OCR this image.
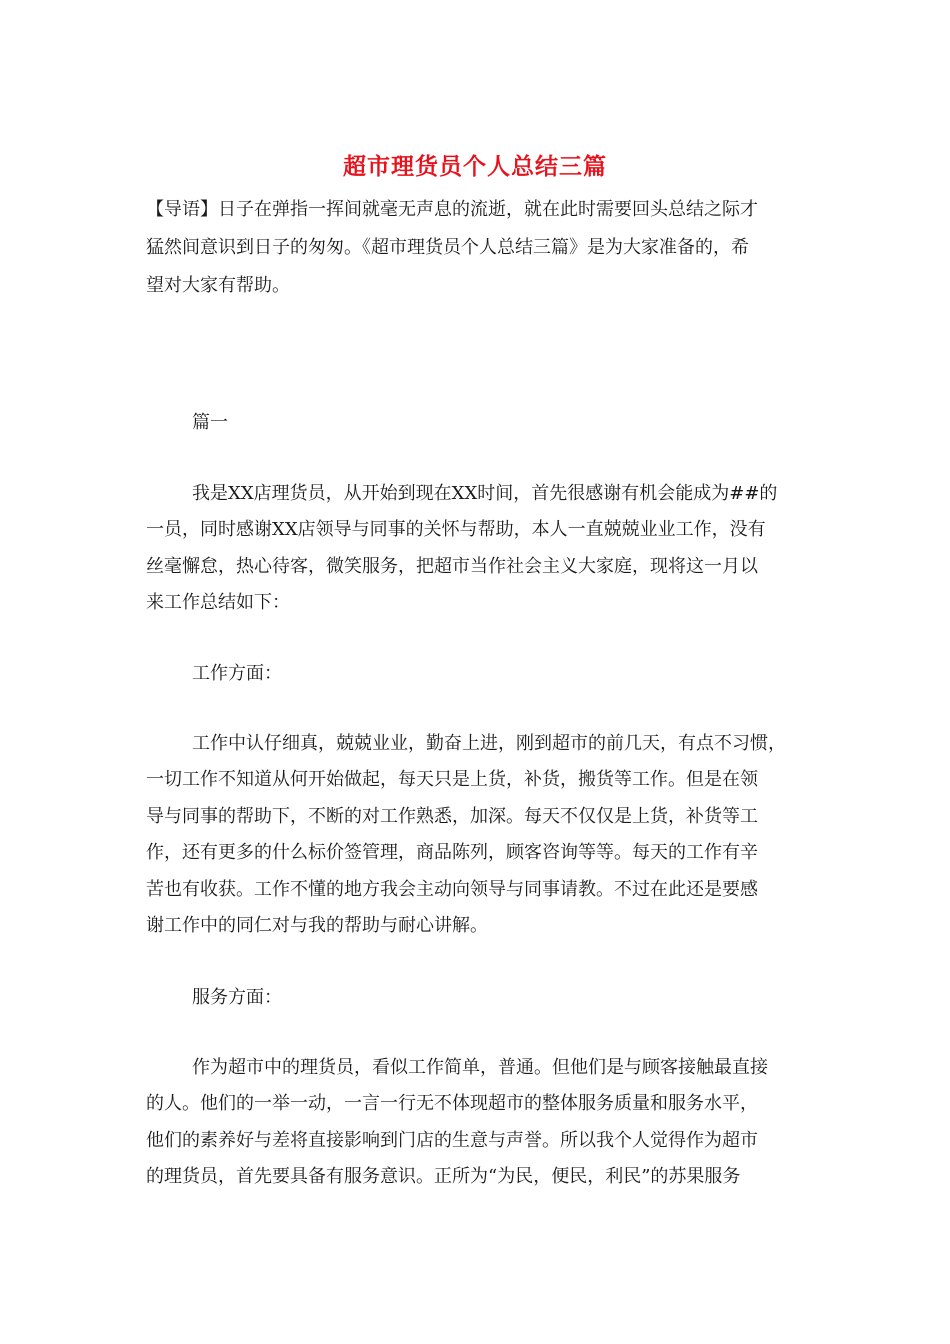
超市理货员个人总结三篇
【导语】日子在弹指一挥间就毫无声息的流逝，就在此时需要回头总结之际才
猛然间意识到日子的匆匆。《超市理货员个人总结三篇》是为大家准备的，希
望对大家有帮助。
篇一
我是XX店理货员，从开始到现在XX时间，首先很感谢有机会能成为##的
一员，同时感谢XX店领导与同事的关怀与帮助，本人一直兢兢业业工作，没有
丝毫懈怠，热心待客，微笑服务，把超市当作社会主义大家庭，现将这一月以
来工作总结如下：
工作方面：
工作中认仔细真，兢兢业业，勤奋上进，刚到超市的前几天，有点不习惯，
一切工作不知道从何开始做起，每天只是上货，补货，搬货等工作。但是在领
导与同事的帮助下，不断的对工作熟悉，加深。每天不仅仅是上货，补货等工
作，还有更多的什么标价签管理，商品陈列，顾客咨询等等。每天的工作有辛
苦也有收获。工作不懂的地方我会主动向领导与同事请教。不过在此还是要感
谢工作中的同仁对与我的帮助与耐心讲解。
服务方面：
作为超市中的理货员，看似工作简单，普通。但他们是与顾客接触最直接
的人。他们的一举一动，一言一行无不体现超市的整体服务质量和服务水平，
他们的素养好与差将直接影响到门店的生意与声誉。所以我个人觉得作为超市
的理货员，首先要具备有服务意识。正所为“为民，便民，利民”的苏果服务
